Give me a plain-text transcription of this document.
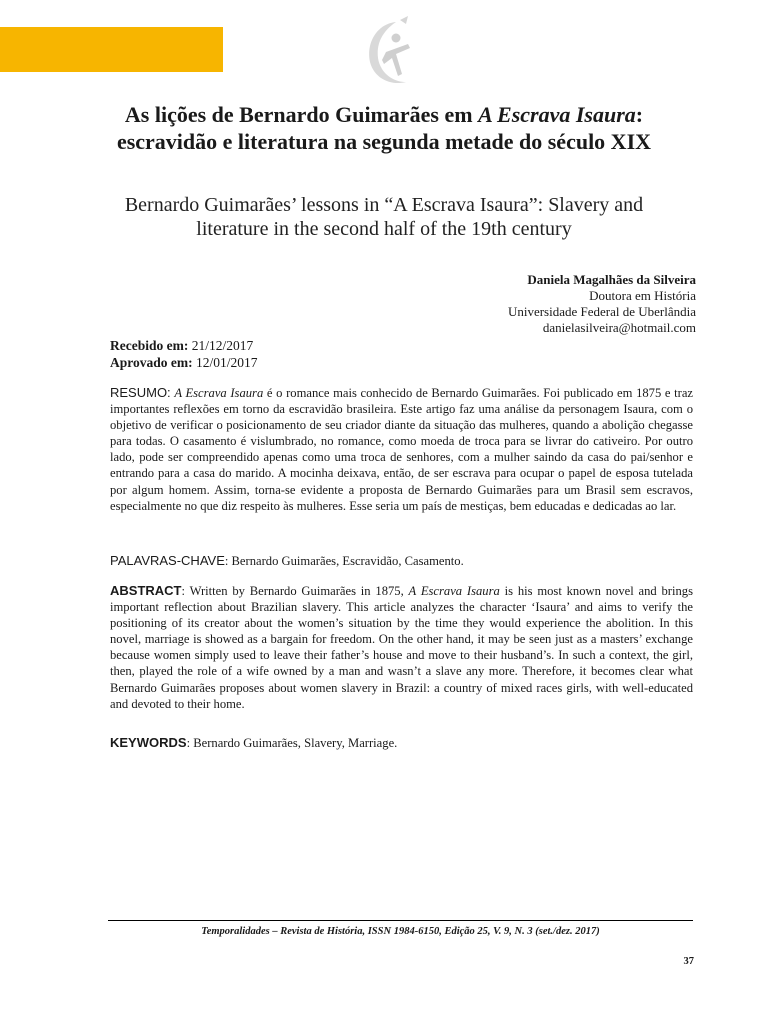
As lições de Bernardo Guimarães em A Escrava Isaura: escravidão e literatura na segunda metade do século XIX

Bernardo Guimarães’ lessons in “A Escrava Isaura”: Slavery and literature in the second half of the 19th century

Daniela Magalhães da Silveira
Doutora em História
Universidade Federal de Uberlândia
danielasilveira@hotmail.com
Recebido em: 21/12/2017
Aprovado em: 12/01/2017

RESUMO: A Escrava Isaura é o romance mais conhecido de Bernardo Guimarães. Foi publicado em 1875 e traz importantes reflexões em torno da escravidão brasileira. Este artigo faz uma análise da personagem Isaura, com o objetivo de verificar o posicionamento de seu criador diante da situação das mulheres, quando a abolição chegasse para todas. O casamento é vislumbrado, no romance, como moeda de troca para se livrar do cativeiro. Por outro lado, pode ser compreendido apenas como uma troca de senhores, com a mulher saindo da casa do pai/senhor e entrando para a casa do marido. A mocinha deixava, então, de ser escrava para ocupar o papel de esposa tutelada por algum homem. Assim, torna-se evidente a proposta de Bernardo Guimarães para um Brasil sem escravos, especialmente no que diz respeito às mulheres. Esse seria um país de mestiças, bem educadas e dedicadas ao lar.

PALAVRAS-CHAVE: Bernardo Guimarães, Escravidão, Casamento.

ABSTRACT: Written by Bernardo Guimarães in 1875, A Escrava Isaura is his most known novel and brings important reflection about Brazilian slavery. This article analyzes the character ‘Isaura’ and aims to verify the positioning of its creator about the women’s situation by the time they would experience the abolition. In this novel, marriage is showed as a bargain for freedom. On the other hand, it may be seen just as a masters’ exchange because women simply used to leave their father’s house and move to their husband’s. In such a context, the girl, then, played the role of a wife owned by a man and wasn’t a slave any more. Therefore, it becomes clear what Bernardo Guimarães proposes about women slavery in Brazil: a country of mixed races girls, with well-educated and devoted to their home.

KEYWORDS: Bernardo Guimarães, Slavery, Marriage.

Temporalidades – Revista de História, ISSN 1984-6150, Edição 25, V. 9, N. 3 (set./dez. 2017)
37
